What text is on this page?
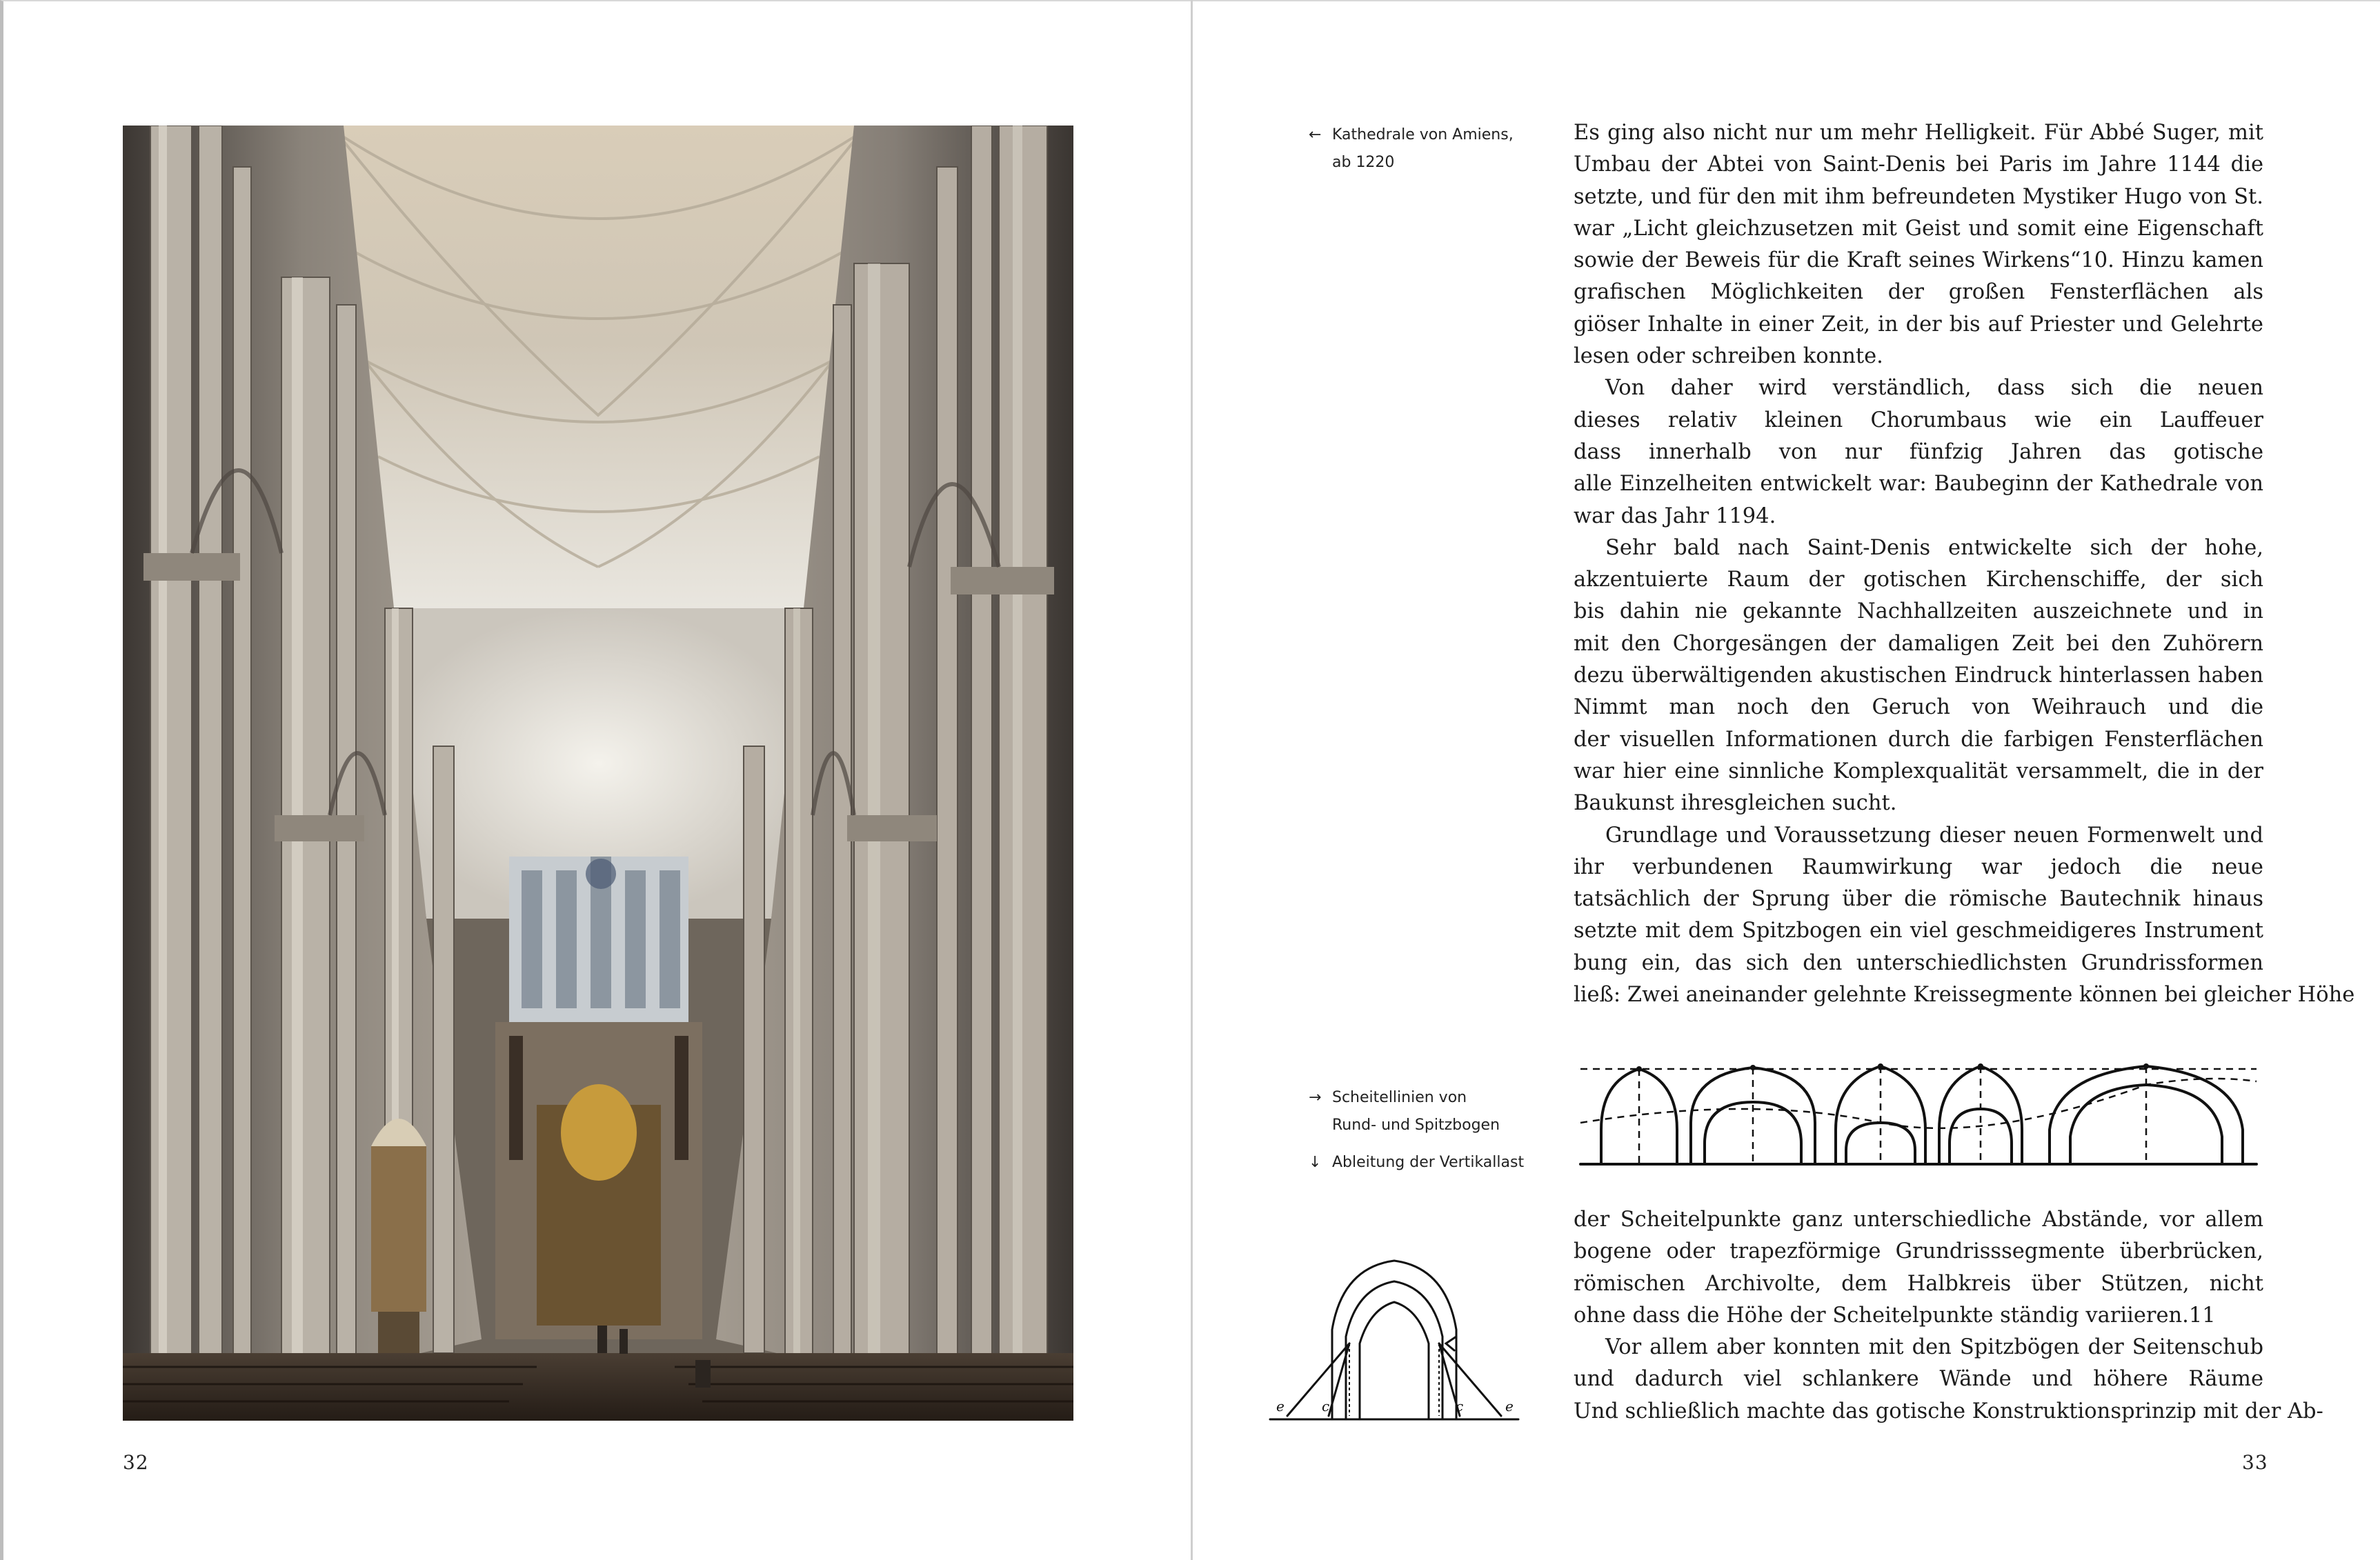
32
← Kathedrale von Amiens,
ab 1220
→ Scheitellinien von
Rund- und Spitzbogen
↓ Ableitung der Vertikallast
Es ging also nicht nur um mehr Helligkeit. Für Abbé Suger, mit
Umbau der Abtei von Saint-Denis bei Paris im Jahre 1144 die
setzte, und für den mit ihm befreundeten Mystiker Hugo von St.
war „Licht gleichzusetzen mit Geist und somit eine Eigenschaft
sowie der Beweis für die Kraft seines Wirkens“10. Hinzu kamen
grafischen Möglichkeiten der großen Fensterflächen als
giöser Inhalte in einer Zeit, in der bis auf Priester und Gelehrte
lesen oder schreiben konnte.
Von daher wird verständlich, dass sich die neuen
dieses relativ kleinen Chorumbaus wie ein Lauffeuer
dass innerhalb von nur fünfzig Jahren das gotische
alle Einzelheiten entwickelt war: Baubeginn der Kathedrale von
war das Jahr 1194.
Sehr bald nach Saint-Denis entwickelte sich der hohe,
akzentuierte Raum der gotischen Kirchenschiffe, der sich
bis dahin nie gekannte Nachhallzeiten auszeichnete und in
mit den Chorgesängen der damaligen Zeit bei den Zuhörern
dezu überwältigenden akustischen Eindruck hinterlassen haben
Nimmt man noch den Geruch von Weihrauch und die
der visuellen Informationen durch die farbigen Fensterflächen
war hier eine sinnliche Komplexqualität versammelt, die in der
Baukunst ihresgleichen sucht.
Grundlage und Voraussetzung dieser neuen Formenwelt und
ihr verbundenen Raumwirkung war jedoch die neue
tatsächlich der Sprung über die römische Bautechnik hinaus
setzte mit dem Spitzbogen ein viel geschmeidigeres Instrument
bung ein, das sich den unterschiedlichsten Grundrissformen
ließ: Zwei aneinander gelehnte Kreissegmente können bei gleicher Höhe
e	c	c	e
der Scheitelpunkte ganz unterschiedliche Abstände, vor allem
bogene oder trapezförmige Grundrisssegmente überbrücken,
römischen Archivolte, dem Halbkreis über Stützen, nicht
ohne dass die Höhe der Scheitelpunkte ständig variieren.11
Vor allem aber konnten mit den Spitzbögen der Seitenschub
und dadurch viel schlankere Wände und höhere Räume
Und schließlich machte das gotische Konstruktionsprinzip mit der Ab-
33
